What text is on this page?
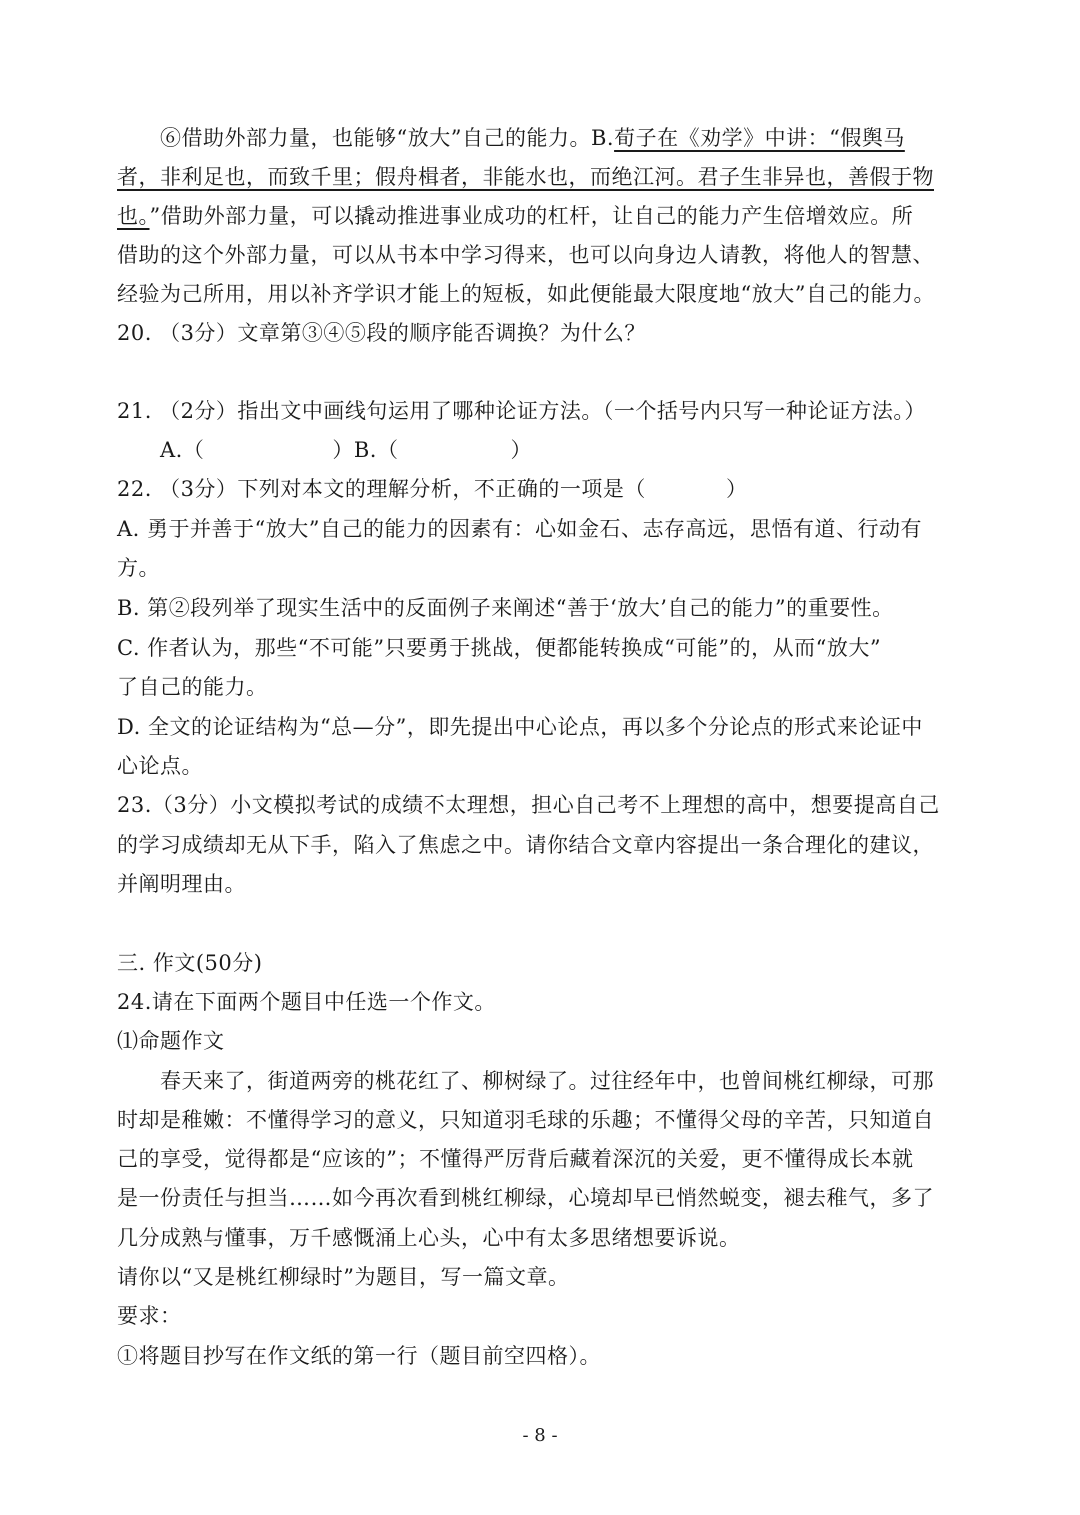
⑥借助外部力量，也能够“放大”自己的能力。B.荀子在《劝学》中讲：“假舆马
者，非利足也，而致千里；假舟楫者，非能水也，而绝江河。君子生非异也，善假于物
也。”借助外部力量，可以撬动推进事业成功的杠杆，让自己的能力产生倍增效应。所
借助的这个外部力量，可以从书本中学习得来，也可以向身边人请教，将他人的智慧、
经验为己所用，用以补齐学识才能上的短板，如此便能最大限度地“放大”自己的能力。
20. （3分）文章第③④⑤段的顺序能否调换？为什么？
21. （2分）指出文中画线句运用了哪种论证方法。（一个括号内只写一种论证方法。）
A.（	）B.（	）
22. （3分）下列对本文的理解分析，不正确的一项是（	）
A. 勇于并善于“放大”自己的能力的因素有：心如金石、志存高远，思悟有道、行动有
方。
B. 第②段列举了现实生活中的反面例子来阐述“善于‘放大’自己的能力”的重要性。
C. 作者认为，那些“不可能”只要勇于挑战，便都能转换成“可能”的，从而“放大”
了自己的能力。
D. 全文的论证结构为“总—分”，即先提出中心论点，再以多个分论点的形式来论证中
心论点。
23.（3分）小文模拟考试的成绩不太理想，担心自己考不上理想的高中，想要提高自己
的学习成绩却无从下手，陷入了焦虑之中。请你结合文章内容提出一条合理化的建议，
并阐明理由。
三. 作文(50分)
24.请在下面两个题目中任选一个作文。
⑴命题作文
春天来了，街道两旁的桃花红了、柳树绿了。过往经年中，也曾间桃红柳绿，可那
时却是稚嫩：不懂得学习的意义，只知道羽毛球的乐趣；不懂得父母的辛苦，只知道自
己的享受，觉得都是“应该的”；不懂得严厉背后藏着深沉的关爱，更不懂得成长本就
是一份责任与担当……如今再次看到桃红柳绿，心境却早已悄然蜕变，褪去稚气，多了
几分成熟与懂事，万千感慨涌上心头，心中有太多思绪想要诉说。
请你以“又是桃红柳绿时”为题目，写一篇文章。
要求：
①将题目抄写在作文纸的第一行（题目前空四格）。
- 8 -
